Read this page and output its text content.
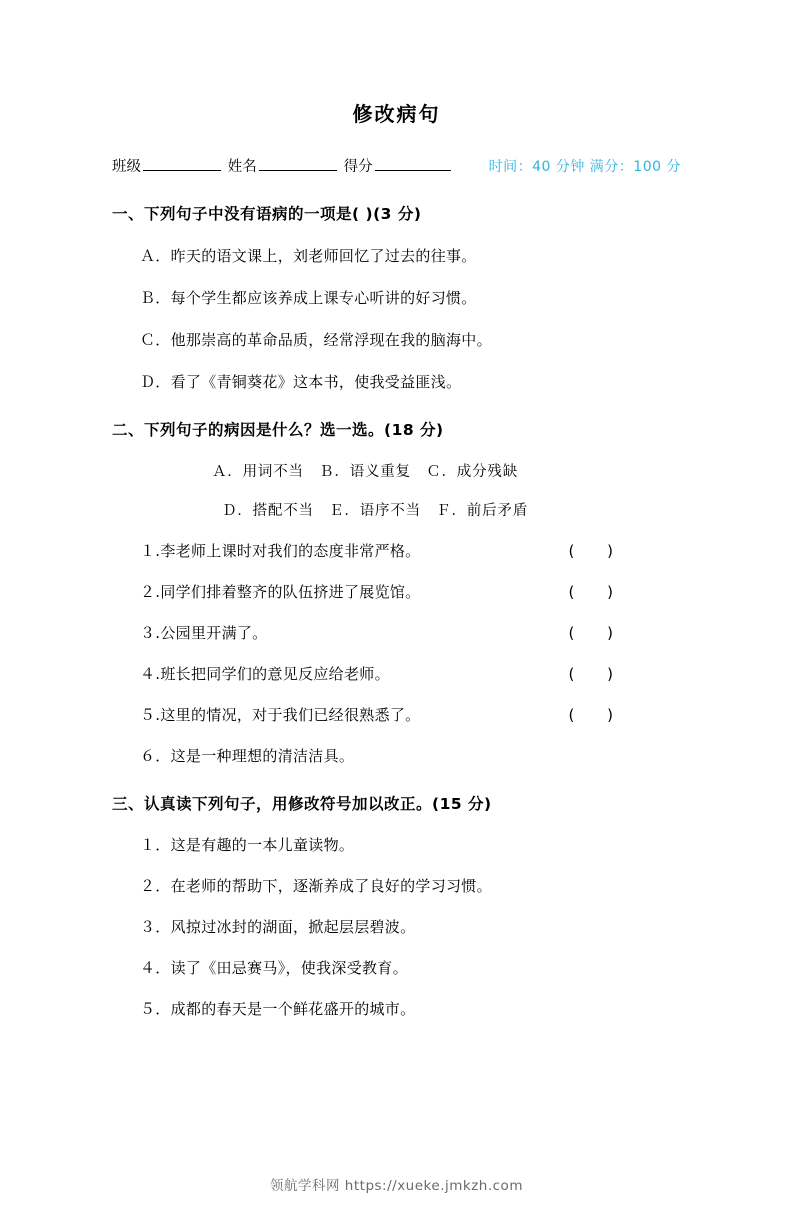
修改病句
班级	姓名	得分	时间：40 分钟 满分：100 分
一、下列句子中没有语病的一项是( )(3 分)
Ａ．昨天的语文课上，刘老师回忆了过去的往事。
Ｂ．每个学生都应该养成上课专心听讲的好习惯。
Ｃ．他那崇高的革命品质，经常浮现在我的脑海中。
Ｄ．看了《青铜葵花》这本书，使我受益匪浅。
二、下列句子的病因是什么？选一选。(18 分)
Ａ．用词不当　Ｂ．语义重复　Ｃ．成分残缺
Ｄ．搭配不当　Ｅ．语序不当　Ｆ．前后矛盾
１.李老师上课时对我们的态度非常严格。	( )
２.同学们排着整齐的队伍挤进了展览馆。	( )
３.公园里开满了。	( )
４.班长把同学们的意见反应给老师。	( )
５.这里的情况，对于我们已经很熟悉了。	( )
６．这是一种理想的清洁洁具。
三、认真读下列句子，用修改符号加以改正。(15 分)
１．这是有趣的一本儿童读物。
２．在老师的帮助下，逐渐养成了良好的学习习惯。
３．风掠过冰封的湖面，掀起层层碧波。
４．读了《田忌赛马》，使我深受教育。
５．成都的春天是一个鲜花盛开的城市。
领航学科网 https://xueke.jmkzh.com
